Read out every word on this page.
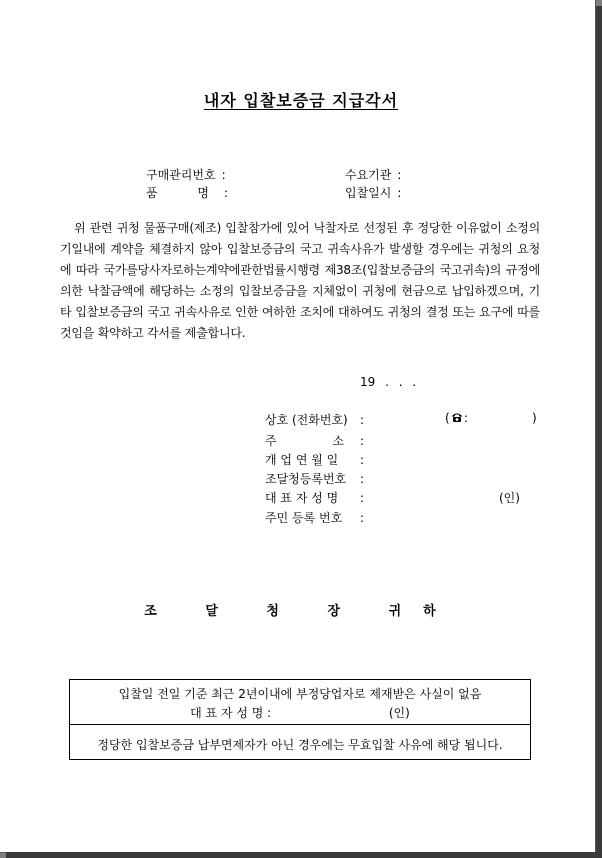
내자 입찰보증금 지급각서
구매관리번호 :	수요기관 :
품 명 :	입찰일시 :
위 관련 귀청 물품구매(제조) 입찰참가에 있어 낙찰자로 선정된 후 정당한 이유없이 소정의 기일내에 계약을 체결하지 않아 입찰보증금의 국고 귀속사유가 발생할 경우에는 귀청의 요청에 따라 국가를당사자로하는계약에관한법률시행령 제38조(입찰보증금의 국고귀속)의 규정에 의한 낙찰금액에 해당하는 소정의 입찰보증금을 지체없이 귀청에 현금으로 납입하겠으며, 기타 입찰보증금의 국고 귀속사유로 인한 여하한 조치에 대하여도 귀청의 결정 또는 요구에 따를 것임을 확약하고 각서를 제출합니다.
19 . . .
상호 (전화번호) :	( :	)
주 소 :
개 업 연 월 일 :
조달청등록번호 :
대 표 자 성 명 :	(인)
주민 등록 번호 :
조 달 청 장 귀하
입찰일 전일 기준 최근 2년이내에 부정당업자로 제재받은 사실이 없음
대 표 자 성 명 :	(인)
정당한 입찰보증금 납부면제자가 아닌 경우에는 무효입찰 사유에 해당 됩니다.
